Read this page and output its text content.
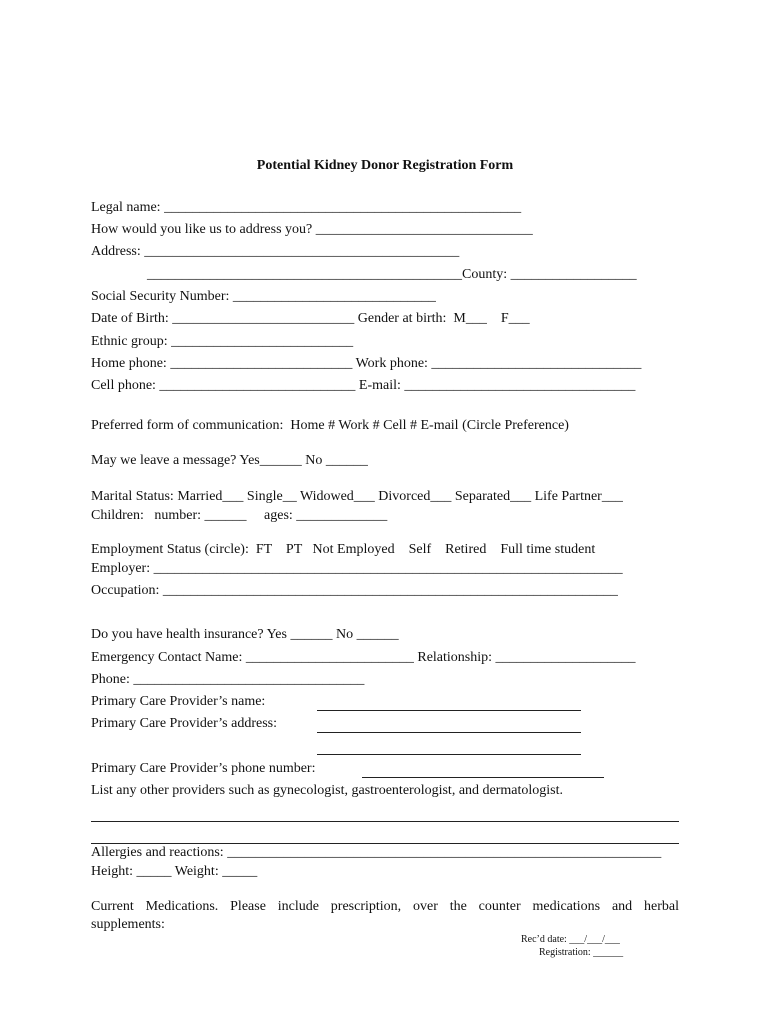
Potential Kidney Donor Registration Form
Legal name: ___________________________________________________
How would you like us to address you? _______________________________
Address: _____________________________________________
_____________________________________________County: __________________
Social Security Number: _____________________________
Date of Birth: __________________________ Gender at birth:  M___    F___
Ethnic group: __________________________
Home phone: __________________________ Work phone: ______________________________
Cell phone: ____________________________ E-mail: _________________________________
Preferred form of communication:  Home # Work # Cell # E-mail (Circle Preference)
May we leave a message? Yes______ No ______
Marital Status: Married___ Single__ Widowed___ Divorced___ Separated___ Life Partner___
Children:   number: ______     ages: _____________
Employment Status (circle):  FT    PT   Not Employed    Self    Retired    Full time student
Employer: ___________________________________________________________________
Occupation: _________________________________________________________________
Do you have health insurance? Yes ______ No ______
Emergency Contact Name: ________________________ Relationship: ____________________
Phone: _________________________________
Primary Care Provider’s name:
Primary Care Provider’s address:
Primary Care Provider’s phone number:
List any other providers such as gynecologist, gastroenterologist, and dermatologist.
Allergies and reactions: ______________________________________________________________
Height: _____ Weight: _____
Current Medications. Please include prescription, over the counter medications and herbal
supplements:
Rec’d date: ___/___/___
Registration: ______
